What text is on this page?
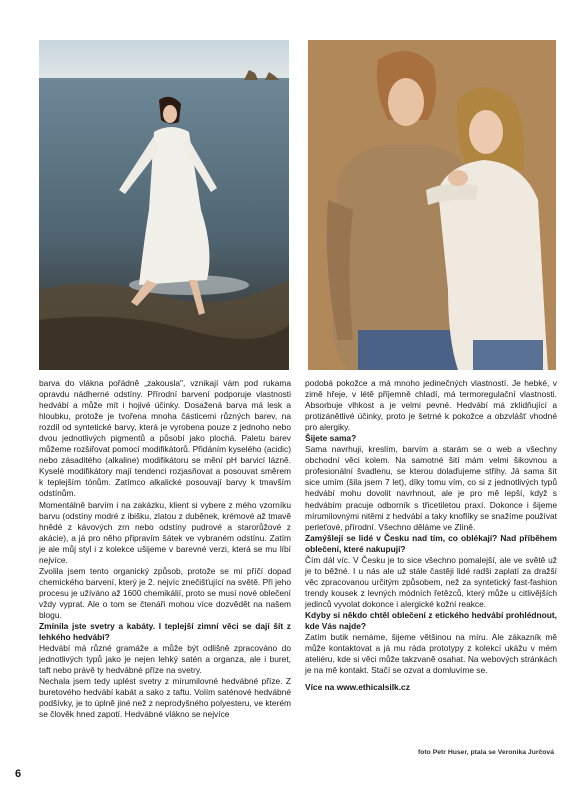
barva do vlákna pořádně „zakousla", vznikají vám pod rukama opravdu nádherné odstíny. Přírodní barvení podporuje vlastnosti hedvábí a může mít i hojivé účinky. Dosažená barva má lesk a hloubku, protože je tvořena mnoha částicemi různých barev, na rozdíl od syntetické barvy, která je vyrobena pouze z jednoho nebo dvou jednotlivých pigmentů a působí jako plochá. Paletu barev můžeme rozšiřovat pomocí modifikátorů. Přidáním kyselého (acidic) nebo zásaditého (alkaline) modifikátoru se mění pH barvicí lázně. Kyselé modifikátory mají tendenci rozjasňovat a posouvat směrem k teplejším tónům. Zatímco alkalické posouvají barvy k tmavším odstínům.

Momentálně barvím i na zakázku, klient si vybere z mého vzorníku barvu (odstíny modré z ibišku, zlatou z duběnek, krémové až tmavě hnědé z kávových zrn nebo odstíny pudrové a starorůžové z akácie), a já pro něho připravím šátek ve vybraném odstínu. Zatím je ale můj styl i z kolekce ušijeme v barevné verzi, která se mu líbí nejvíce.

Zvolila jsem tento organický způsob, protože se mi příčí dopad chemického barvení, který je 2. nejvíc znečišťující na světě. Při jeho procesu je užíváno až 1600 chemikálií, proto se musí nové oblečení vždy vyprat. Ale o tom se čtenáři mohou více dozvědět na našem blogu.

Zmínila jste svetry a kabáty. I teplejší zimní věci se dají šít z lehkého hedvábí?

Hedvábí má různé gramáže a může být odlišně zpracováno do jednotlivých typů jako je nejen lehký satén a organza, ale i buret, taft nebo právě ty hedvábné příze na svetry.

Nechala jsem tedy uplést svetry z mírumilovné hedvábné příze. Z buretového hedvábí kabát a sako z taftu. Volím saténové hedvábné podšívky, je to úplně jiné než z neprodyšného polyesteru, ve kterém se člověk hned zapotí. Hedvábné vlákno se nejvíce

podobá pokožce a má mnoho jedinečných vlastností. Je hebké, v zimě hřeje, v létě příjemně chladí, má termoregulační vlastnosti. Absorbuje vlhkost a je velmi pevné. Hedvábí má zklidňující a protizánětlivé účinky, proto je šetrné k pokožce a obzvlášť vhodné pro alergiky.

Šijete sama?

Sama navrhuji, kreslím, barvím a starám se o web a všechny obchodní věci kolem. Na samotné šití mám velmi šikovnou a profesionální švadlenu, se kterou dolaďujeme střihy. Já sama šít sice umím (šila jsem 7 let), díky tomu vím, co si z jednotlivých typů hedvábí mohu dovolit navrhnout, ale je pro mě lepší, když s hedvábím pracuje odborník s třicetiletou praxí. Dokonce i šijeme mírumilovnými nitěmi z hedvábí a taky knoflíky se snažíme používat perleťové, přírodní. Všechno děláme ve Zlíně.

Zamýšlejí se lidé v Česku nad tím, co oblékají? Nad příběhem oblečení, které nakupují?

Čím dál víc. V Česku je to sice všechno pomalejší, ale ve světě už je to běžné. I u nás ale už stále častěji lidé radši zaplatí za dražší věc zpracovanou určitým způsobem, než za syntetický fast-fashion trendy kousek z levných módních řetězců, který může u citlivějších jedinců vyvolat dokonce i alergické kožní reakce.

Kdyby si někdo chtěl oblečení z etického hedvábí prohlédnout, kde Vás najde?

Zatím butik nemáme, šijeme většinou na míru. Ale zákazník mě může kontaktovat a já mu ráda prototypy z kolekcí ukážu v mém ateliéru, kde si věci může takzvaně osahat. Na webových stránkách je na mě kontakt. Stačí se ozvat a domluvíme se.

Více na www.ethicalsilk.cz

foto Petr Huser, ptala se Veronika Jurčová
6
